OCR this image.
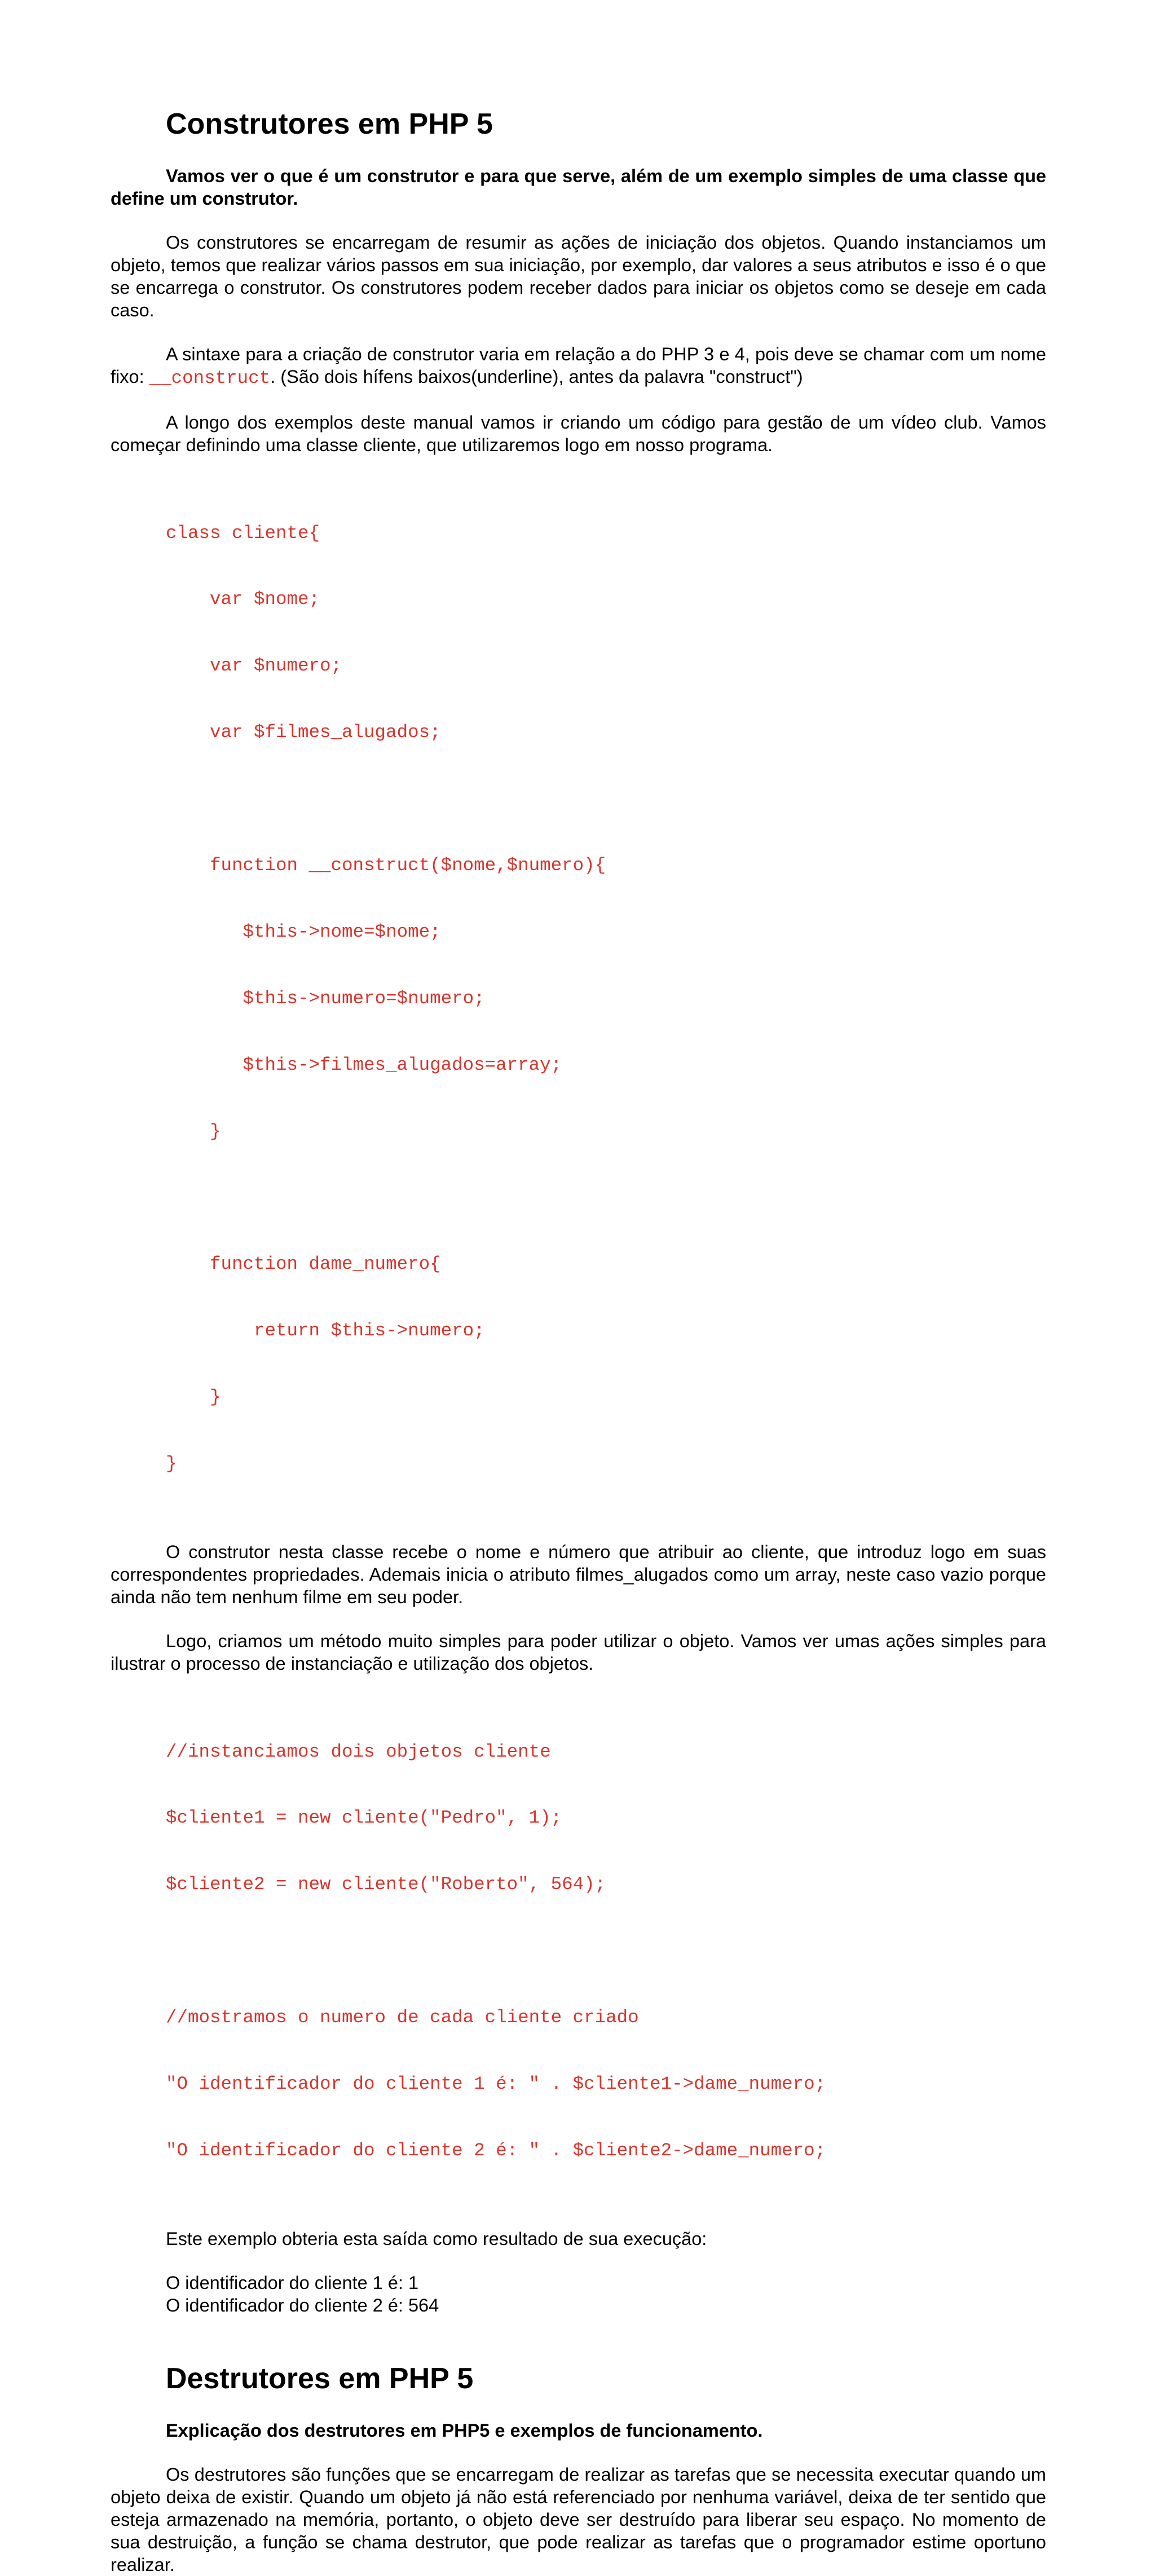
Construtores em PHP 5

Vamos ver o que é um construtor e para que serve, além de um exemplo simples de uma classe que define um construtor.

Os construtores se encarregam de resumir as ações de iniciação dos objetos. Quando instanciamos um objeto, temos que realizar vários passos em sua iniciação, por exemplo, dar valores a seus atributos e isso é o que se encarrega o construtor. Os construtores podem receber dados para iniciar os objetos como se deseje em cada caso.

A sintaxe para a criação de construtor varia em relação a do PHP 3 e 4, pois deve se chamar com um nome fixo: __construct. (São dois hífens baixos(underline), antes da palavra "construct")

A longo dos exemplos deste manual vamos ir criando um código para gestão de um vídeo club. Vamos começar definindo uma classe cliente, que utilizaremos logo em nosso programa.

class cliente{

var $nome;

var $numero;

var $filmes_alugados;

function __construct($nome,$numero){

$this->nome=$nome;

$this->numero=$numero;

$this->filmes_alugados=array;

}

function dame_numero{

return $this->numero;

}

}

O construtor nesta classe recebe o nome e número que atribuir ao cliente, que introduz logo em suas correspondentes propriedades. Ademais inicia o atributo filmes_alugados como um array, neste caso vazio porque ainda não tem nenhum filme em seu poder.

Logo, criamos um método muito simples para poder utilizar o objeto. Vamos ver umas ações simples para ilustrar o processo de instanciação e utilização dos objetos.

//instanciamos dois objetos cliente

$cliente1 = new cliente("Pedro", 1);

$cliente2 = new cliente("Roberto", 564);

//mostramos o numero de cada cliente criado

"O identificador do cliente 1 é: " . $cliente1->dame_numero;

"O identificador do cliente 2 é: " . $cliente2->dame_numero;

Este exemplo obteria esta saída como resultado de sua execução:
O identificador do cliente 1 é: 1
O identificador do cliente 2 é: 564
Destrutores em PHP 5

Explicação dos destrutores em PHP5 e exemplos de funcionamento.

Os destrutores são funções que se encarregam de realizar as tarefas que se necessita executar quando um objeto deixa de existir. Quando um objeto já não está referenciado por nenhuma variável, deixa de ter sentido que esteja armazenado na memória, portanto, o objeto deve ser destruído para liberar seu espaço. No momento de sua destruição, a função se chama destrutor, que pode realizar as tarefas que o programador estime oportuno realizar.
